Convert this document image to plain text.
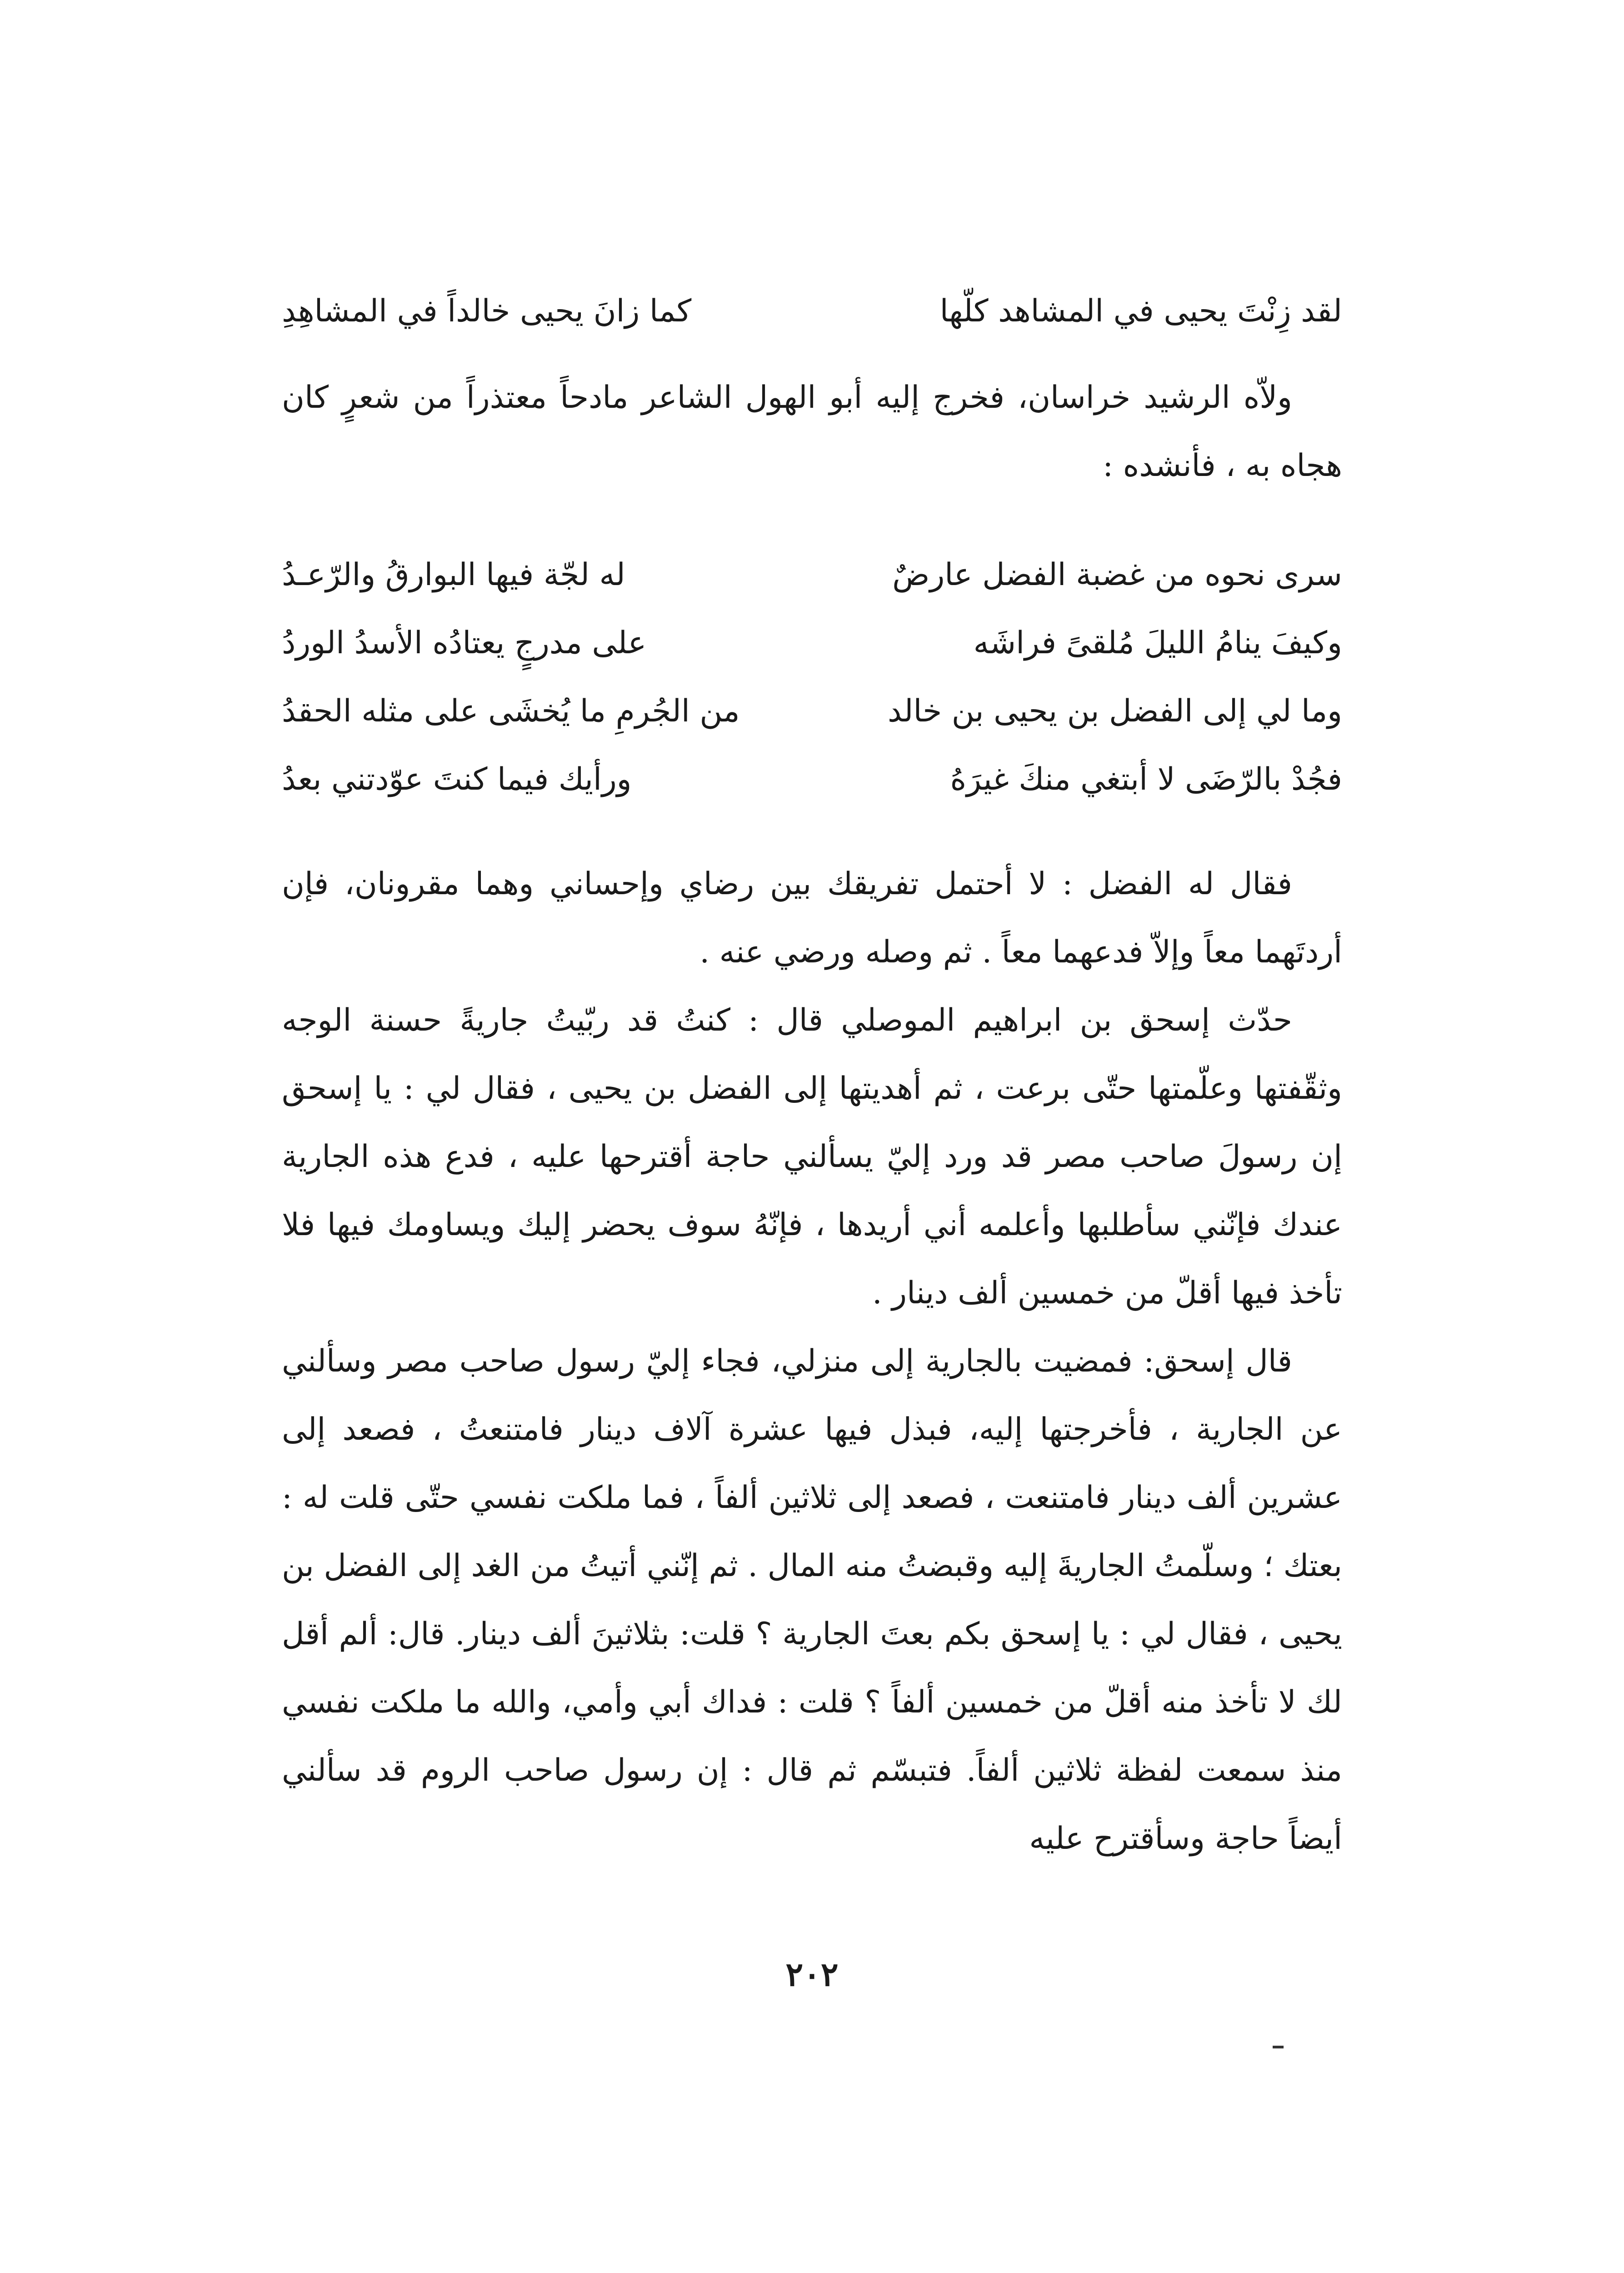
لقد زِنْتَ يحيى في المشاهد كلّها
كما زانَ يحيى خالداً في المشاهِدِ

ولاّه الرشيد خراسان، فخرج إليه أبو الهول الشاعر مادحاً معتذراً من شعرٍ كان هجاه به ، فأنشده :

سرى نحوه من غضبة الفضل عارضٌ
له لجّة فيها البوارقُ والرّعـدُ
وكيفَ ينامُ الليلَ مُلقىً فراشَه
على مدرجٍ يعتادُه الأسدُ الوردُ
وما لي إلى الفضل بن يحيى بن خالد
من الجُرمِ ما يُخشَى على مثله الحقدُ
فجُدْ بالرّضَى لا أبتغي منكَ غيرَهُ
ورأيك فيما كنتَ عوّدتني بعدُ

فقال له الفضل : لا أحتمل تفريقك بين رضاي وإحساني وهما مقرونان، فإن أردتَهما معاً وإلاّ فدعهما معاً . ثم وصله ورضي عنه .

حدّث إسحق بن ابراهيم الموصلي قال : كنتُ قد ربّيتُ جاريةً حسنة الوجه وثقّفتها وعلّمتها حتّى برعت ، ثم أهديتها إلى الفضل بن يحيى ، فقال لي : يا إسحق إن رسولَ صاحب مصر قد ورد إليّ يسألني حاجة أقترحها عليه ، فدع هذه الجارية عندك فإنّني سأطلبها وأعلمه أني أريدها ، فإنّهُ سوف يحضر إليك ويساومك فيها فلا تأخذ فيها أقلّ من خمسين ألف دينار .

قال إسحق: فمضيت بالجارية إلى منزلي، فجاء إليّ رسول صاحب مصر وسألني عن الجارية ، فأخرجتها إليه، فبذل فيها عشرة آلاف دينار فامتنعتُ ، فصعد إلى عشرين ألف دينار فامتنعت ، فصعد إلى ثلاثين ألفاً ، فما ملكت نفسي حتّى قلت له : بعتك ؛ وسلّمتُ الجاريةَ إليه وقبضتُ منه المال . ثم إنّني أتيتُ من الغد إلى الفضل بن يحيى ، فقال لي : يا إسحق بكم بعتَ الجارية ؟ قلت: بثلاثينَ ألف دينار. قال: ألم أقل لك لا تأخذ منه أقلّ من خمسين ألفاً ؟ قلت : فداك أبي وأمي، والله ما ملكت نفسي منذ سمعت لفظة ثلاثين ألفاً. فتبسّم ثم قال : إن رسول صاحب الروم قد سألني أيضاً حاجة وسأقترح عليه

٢٠٢
